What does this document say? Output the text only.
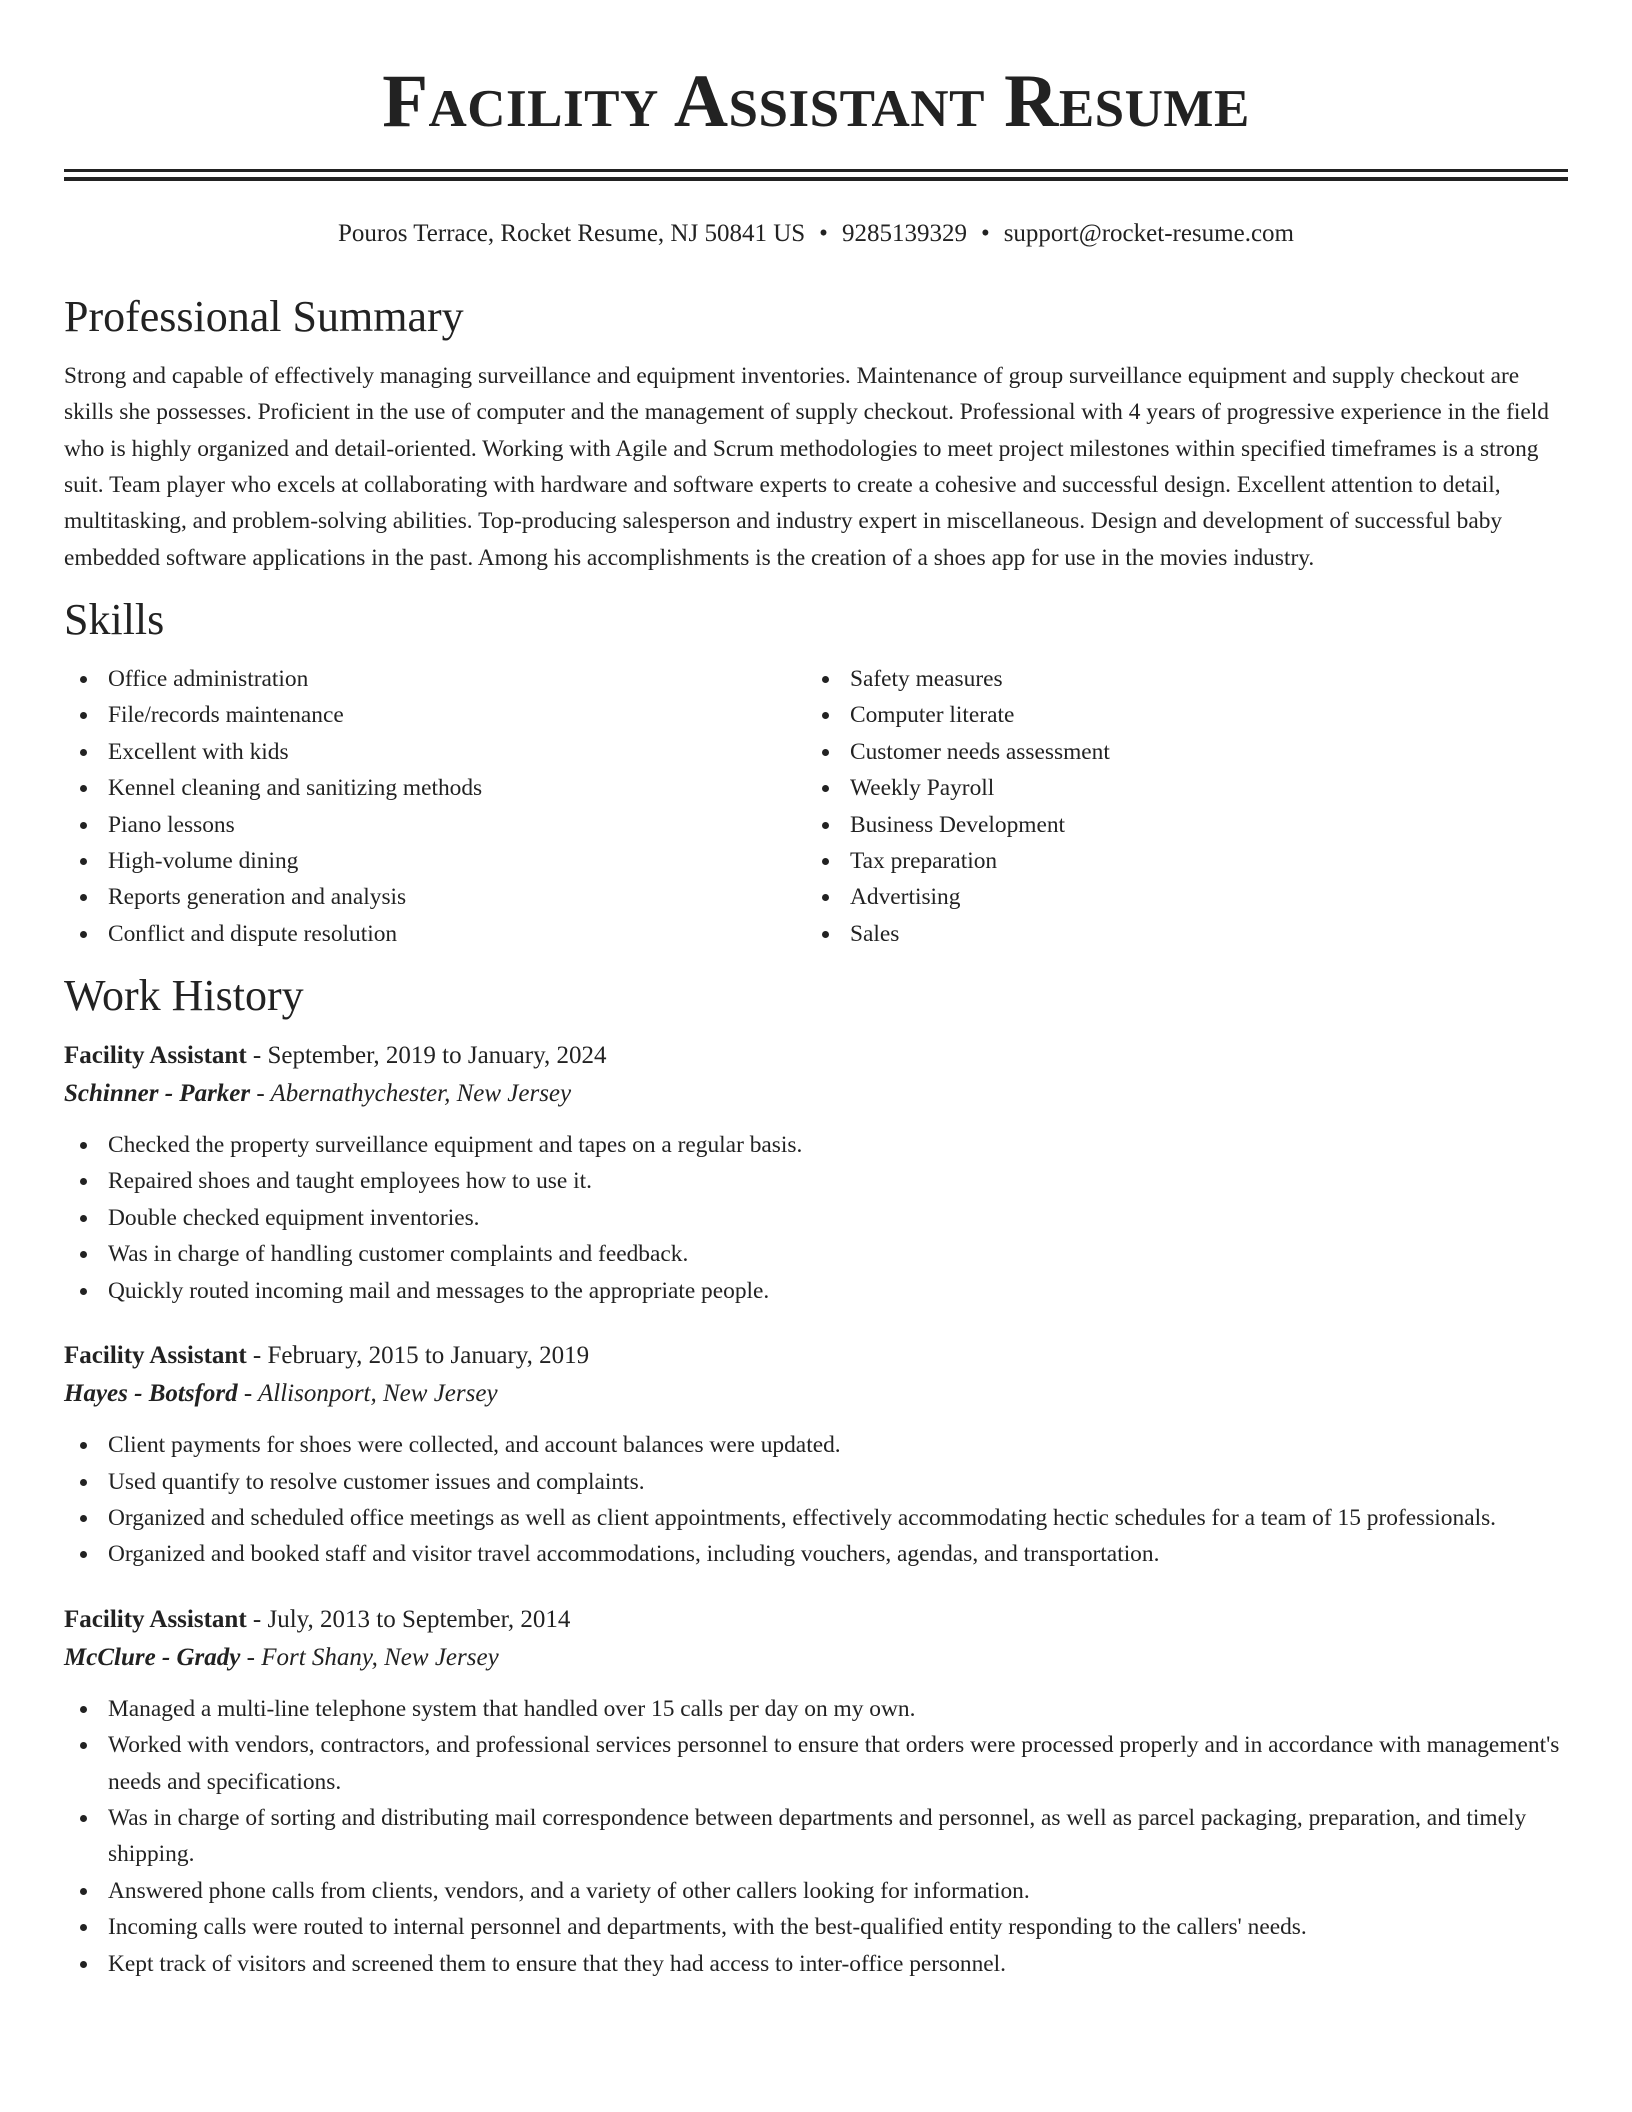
Facility Assistant Resume
Pouros Terrace, Rocket Resume, NJ 50841 US • 9285139329 • support@rocket-resume.com
Professional Summary

Strong and capable of effectively managing surveillance and equipment inventories. Maintenance of group surveillance equipment and supply checkout are skills she possesses. Proficient in the use of computer and the management of supply checkout. Professional with 4 years of progressive experience in the field who is highly organized and detail-oriented. Working with Agile and Scrum methodologies to meet project milestones within specified timeframes is a strong suit. Team player who excels at collaborating with hardware and software experts to create a cohesive and successful design. Excellent attention to detail, multitasking, and problem-solving abilities. Top-producing salesperson and industry expert in miscellaneous. Design and development of successful baby embedded software applications in the past. Among his accomplishments is the creation of a shoes app for use in the movies industry.

Skills
Office administration
File/records maintenance
Excellent with kids
Kennel cleaning and sanitizing methods
Piano lessons
High-volume dining
Reports generation and analysis
Conflict and dispute resolution
Safety measures
Computer literate
Customer needs assessment
Weekly Payroll
Business Development
Tax preparation
Advertising
Sales
Work History
Facility Assistant - September, 2019 to January, 2024
Schinner - Parker - Abernathychester, New Jersey
Checked the property surveillance equipment and tapes on a regular basis.
Repaired shoes and taught employees how to use it.
Double checked equipment inventories.
Was in charge of handling customer complaints and feedback.
Quickly routed incoming mail and messages to the appropriate people.
Facility Assistant - February, 2015 to January, 2019
Hayes - Botsford - Allisonport, New Jersey
Client payments for shoes were collected, and account balances were updated.
Used quantify to resolve customer issues and complaints.
Organized and scheduled office meetings as well as client appointments, effectively accommodating hectic schedules for a team of 15 professionals.
Organized and booked staff and visitor travel accommodations, including vouchers, agendas, and transportation.
Facility Assistant - July, 2013 to September, 2014
McClure - Grady - Fort Shany, New Jersey
Managed a multi-line telephone system that handled over 15 calls per day on my own.
Worked with vendors, contractors, and professional services personnel to ensure that orders were processed properly and in accordance with management's needs and specifications.
Was in charge of sorting and distributing mail correspondence between departments and personnel, as well as parcel packaging, preparation, and timely shipping.
Answered phone calls from clients, vendors, and a variety of other callers looking for information.
Incoming calls were routed to internal personnel and departments, with the best-qualified entity responding to the callers' needs.
Kept track of visitors and screened them to ensure that they had access to inter-office personnel.
